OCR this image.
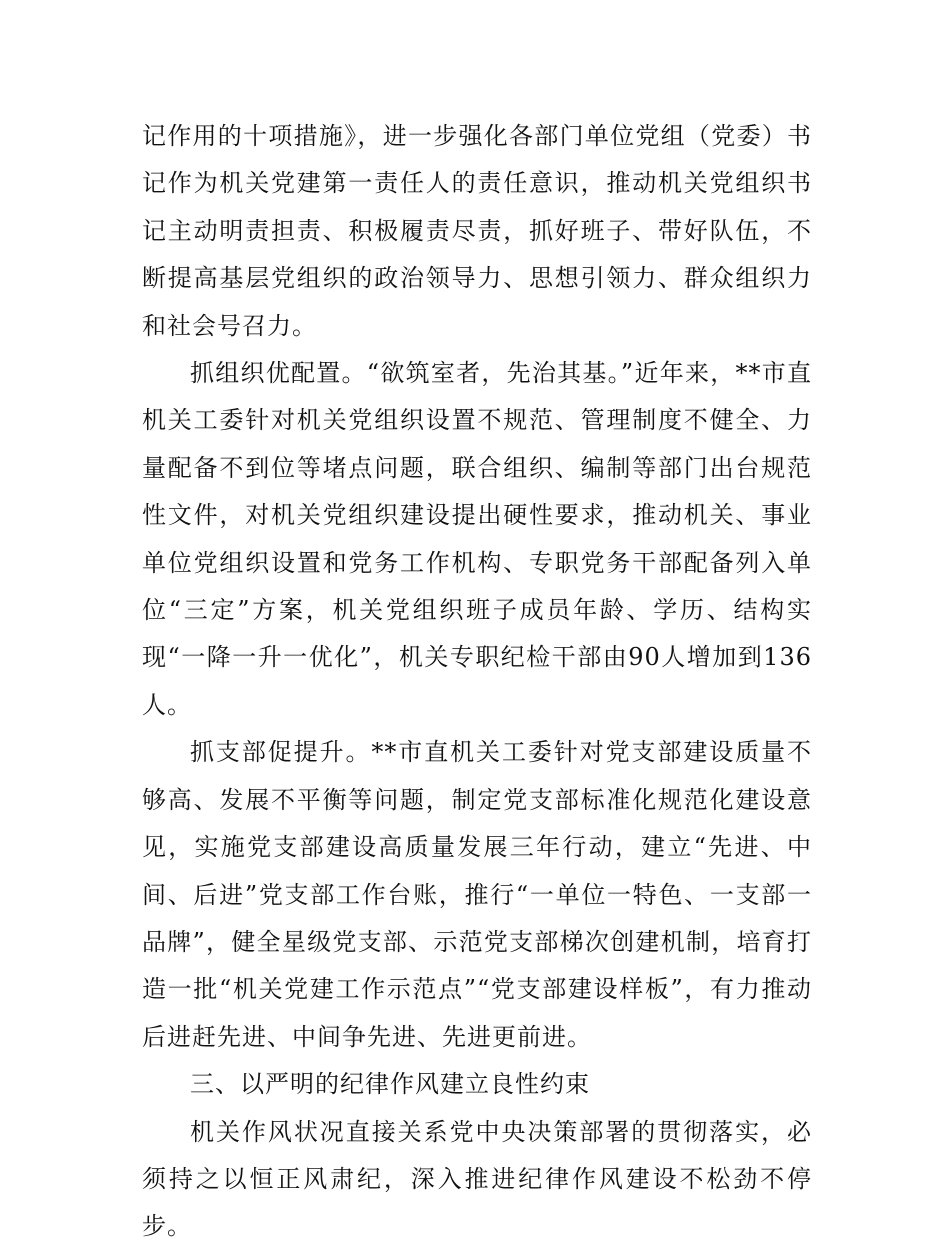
记作用的十项措施》，进一步强化各部门单位党组（党委）书记作为机关党建第一责任人的责任意识，推动机关党组织书记主动明责担责、积极履责尽责，抓好班子、带好队伍，不断提高基层党组织的政治领导力、思想引领力、群众组织力和社会号召力。

抓组织优配置。“欲筑室者，先治其基。”近年来，**市直机关工委针对机关党组织设置不规范、管理制度不健全、力量配备不到位等堵点问题，联合组织、编制等部门出台规范性文件，对机关党组织建设提出硬性要求，推动机关、事业单位党组织设置和党务工作机构、专职党务干部配备列入单位“三定”方案，机关党组织班子成员年龄、学历、结构实现“一降一升一优化”，机关专职纪检干部由90人增加到136人。

抓支部促提升。**市直机关工委针对党支部建设质量不够高、发展不平衡等问题，制定党支部标准化规范化建设意见，实施党支部建设高质量发展三年行动，建立“先进、中间、后进”党支部工作台账，推行“一单位一特色、一支部一品牌”，健全星级党支部、示范党支部梯次创建机制，培育打造一批“机关党建工作示范点”“党支部建设样板”，有力推动后进赶先进、中间争先进、先进更前进。

三、以严明的纪律作风建立良性约束

机关作风状况直接关系党中央决策部署的贯彻落实，必须持之以恒正风肃纪，深入推进纪律作风建设不松劲不停步。
